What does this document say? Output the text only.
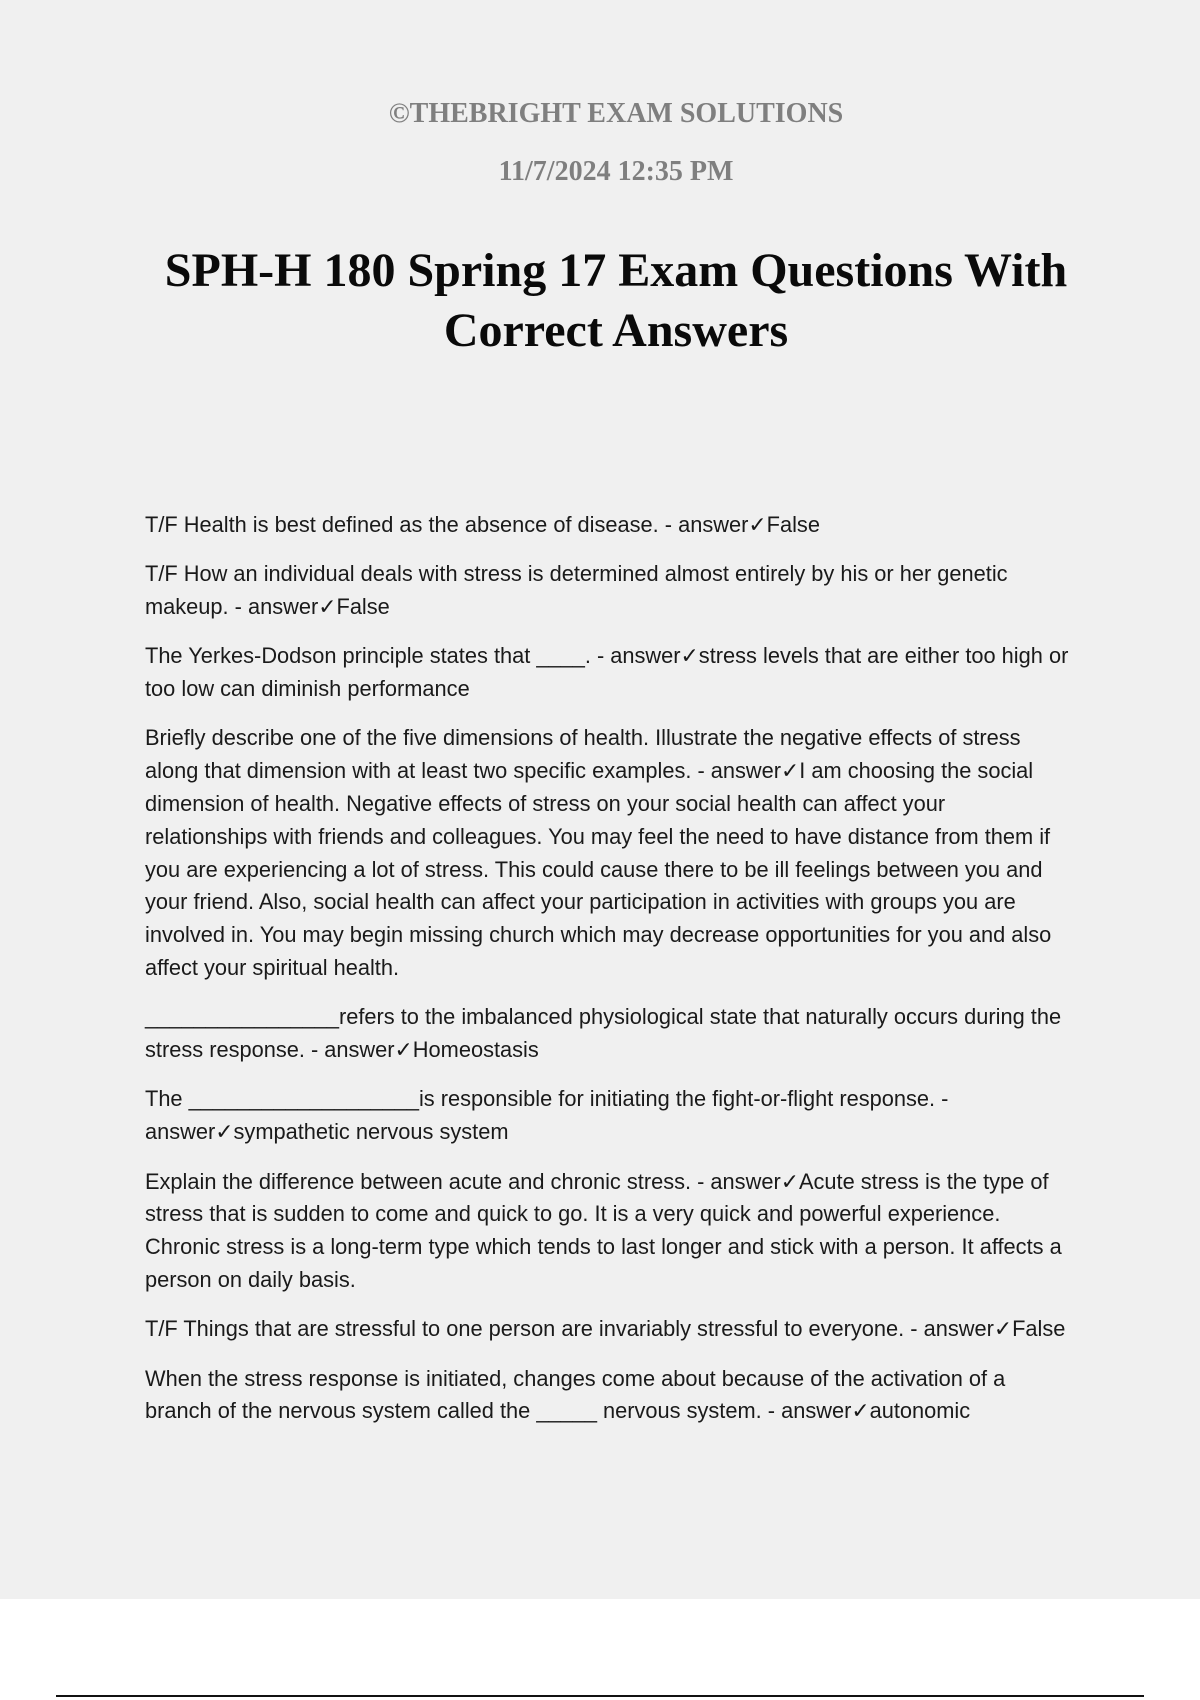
©THEBRIGHT EXAM SOLUTIONS
11/7/2024 12:35 PM
SPH-H 180 Spring 17 Exam Questions With Correct Answers
T/F Health is best defined as the absence of disease. - answer✓False
T/F How an individual deals with stress is determined almost entirely by his or her genetic
makeup. - answer✓False
The Yerkes-Dodson principle states that ____. - answer✓stress levels that are either too high or
too low can diminish performance
Briefly describe one of the five dimensions of health. Illustrate the negative effects of stress
along that dimension with at least two specific examples. - answer✓I am choosing the social
dimension of health. Negative effects of stress on your social health can affect your
relationships with friends and colleagues. You may feel the need to have distance from them if
you are experiencing a lot of stress. This could cause there to be ill feelings between you and
your friend. Also, social health can affect your participation in activities with groups you are
involved in. You may begin missing church which may decrease opportunities for you and also
affect your spiritual health.
________________refers to the imbalanced physiological state that naturally occurs during the
stress response. - answer✓Homeostasis
The ___________________is responsible for initiating the fight-or-flight response. -
answer✓sympathetic nervous system
Explain the difference between acute and chronic stress. - answer✓Acute stress is the type of
stress that is sudden to come and quick to go. It is a very quick and powerful experience.
Chronic stress is a long-term type which tends to last longer and stick with a person. It affects a
person on daily basis.
T/F Things that are stressful to one person are invariably stressful to everyone. - answer✓False
When the stress response is initiated, changes come about because of the activation of a
branch of the nervous system called the _____ nervous system. - answer✓autonomic
